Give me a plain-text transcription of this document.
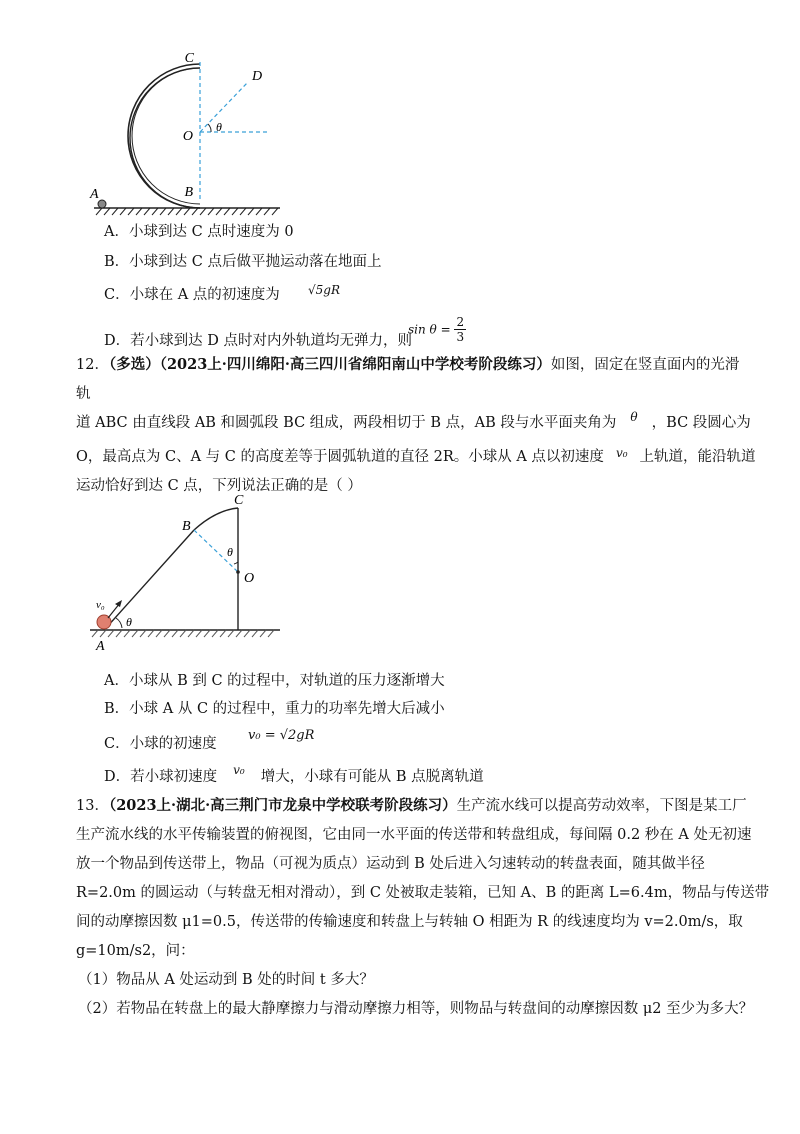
C
D
O
θ
B
A
A．小球到达 C 点时速度为 0
B．小球到达 C 点后做平抛运动落在地面上
C．小球在 A 点的初速度为 √5gR
D．若小球到达 D 点时对内外轨道均无弹力，则
$\sin \theta = \frac{2}{3}$
12．（多选）（2023上·四川绵阳·高三四川省绵阳南山中学校考阶段练习）如图，固定在竖直面内的光滑
轨
道 ABC 由直线段 AB 和圆弧段 BC 组成，两段相切于 B 点，AB 段与水平面夹角为 $^\theta$ ，BC 段圆心为
O，最高点为 C、A 与 C 的高度差等于圆弧轨道的直径 2R。小球从 A 点以初速度 $^{v_0}$ 上轨道，能沿轨道
运动恰好到达 C 点，下列说法正确的是（ ）
v₀
θ
A
B
C
θ
O
A．小球从 B 到 C 的过程中，对轨道的压力逐渐增大
B．小球 A 从 C 的过程中，重力的功率先增大后减小
C．小球的初速度
v₀ = √2gR
D．若小球初速度 $^{v_0}$ 增大，小球有可能从 B 点脱离轨道
13．（2023上·湖北·高三荆门市龙泉中学校联考阶段练习）生产流水线可以提高劳动效率，下图是某工厂
生产流水线的水平传输装置的俯视图，它由同一水平面的传送带和转盘组成，每间隔 0.2 秒在 A 处无初速
放一个物品到传送带上，物品（可视为质点）运动到 B 处后进入匀速转动的转盘表面，随其做半径
R=2.0m 的圆运动（与转盘无相对滑动），到 C 处被取走装箱，已知 A、B 的距离 L=6.4m，物品与传送带
间的动摩擦因数 μ1=0.5，传送带的传输速度和转盘上与转轴 O 相距为 R 的线速度均为 v=2.0m/s，取
g=10m/s2，问：
（1）物品从 A 处运动到 B 处的时间 t 多大？
（2）若物品在转盘上的最大静摩擦力与滑动摩擦力相等，则物品与转盘间的动摩擦因数 μ2 至少为多大？
